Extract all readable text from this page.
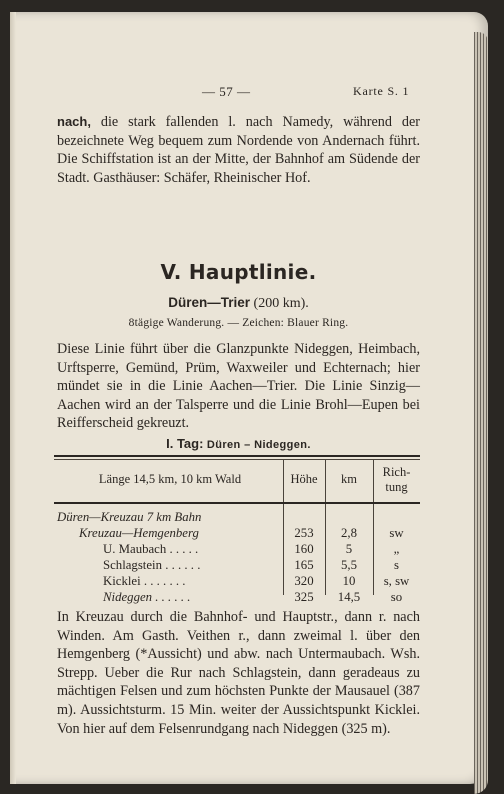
— 57 —	Karte S. 1
nach, die stark fallenden l. nach Namedy, während der bezeichnete Weg bequem zum Nordende von Andernach führt. Die Schiffstation ist an der Mitte, der Bahnhof am Südende der Stadt. Gasthäuser: Schäfer, Rheinischer Hof.
V. Hauptlinie.
Düren—Trier (200 km).
8tägige Wanderung. — Zeichen: Blauer Ring.
Diese Linie führt über die Glanzpunkte Nideggen, Heimbach, Urftsperre, Gemünd, Prüm, Waxweiler und Echternach; hier mündet sie in die Linie Aachen—Trier. Die Linie Sinzig—Aachen wird an der Talsperre und die Linie Brohl—Eupen bei Reifferscheid gekreuzt.
I. Tag: Düren – Nideggen.
Länge 14,5 km, 10 km Wald	Höhe	km	Rich-
tung
Düren—Kreuzau 7 km Bahn
Kreuzau—Hemgenberg	253	2,8	sw
U. Maubach . . . . .	160	5	„
Schlagstein . . . . . .	165	5,5	s
Kicklei . . . . . . .	320	10	s, sw
Nideggen . . . . . .	325	14,5	so
In Kreuzau durch die Bahnhof- und Hauptstr., dann r. nach Winden. Am Gasth. Veithen r., dann zweimal l. über den Hemgenberg (*Aussicht) und abw. nach Untermaubach. Wsh. Strepp. Ueber die Rur nach Schlagstein, dann geradeaus zu mächtigen Felsen und zum höchsten Punkte der Mausauel (387 m). Aussichtsturm. 15 Min. weiter der Aussichtspunkt Kicklei. Von hier auf dem Felsenrundgang nach Nideggen (325 m).
